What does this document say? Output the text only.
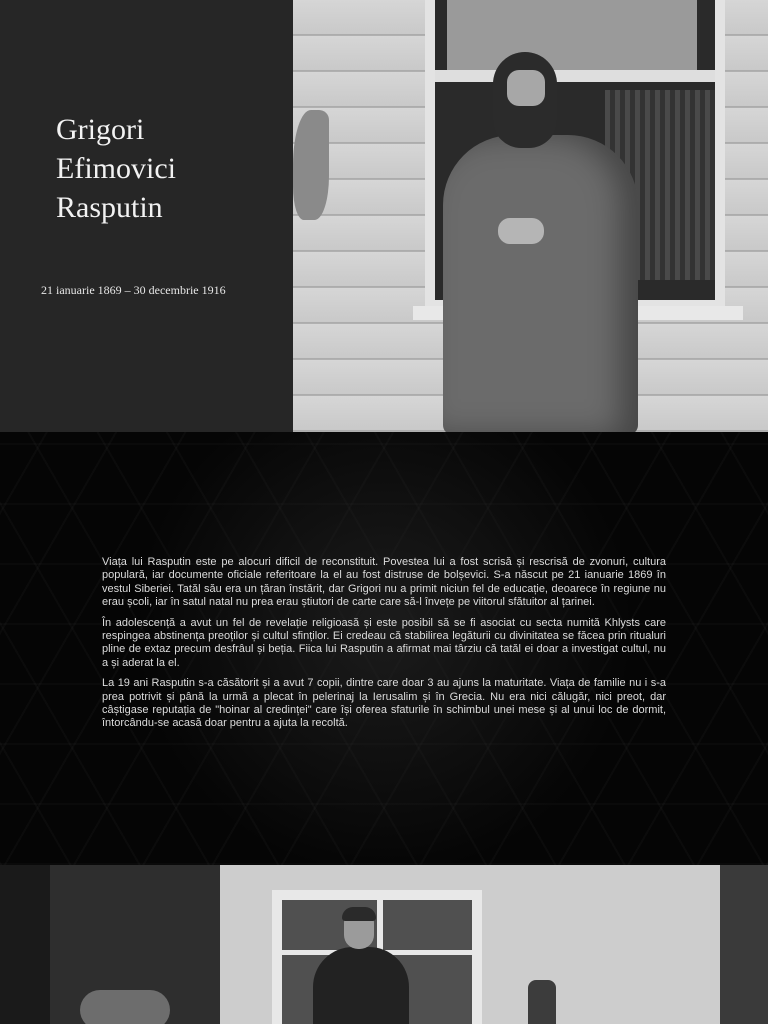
Grigori
Efimovici
Rasputin
21 ianuarie 1869 – 30 decembrie 1916

Viața lui Rasputin este pe alocuri dificil de reconstituit. Povestea lui a fost scrisă și rescrisă de zvonuri, cultura populară, iar documente oficiale referitoare la el au fost distruse de bolșevici. S-a născut pe 21 ianuarie 1869 în vestul Siberiei. Tatăl său era un țăran înstărit, dar Grigori nu a primit niciun fel de educație, deoarece în regiune nu erau școli, iar în satul natal nu prea erau știutori de carte care să-l învețe pe viitorul sfătuitor al țarinei.

În adolescență a avut un fel de revelație religioasă și este posibil să se fi asociat cu secta numită Khlysts care respingea abstinența preoților și cultul sfinților. Ei credeau că stabilirea legăturii cu divinitatea se făcea prin ritualuri pline de extaz precum desfrâul și beția. Fiica lui Rasputin a afirmat mai târziu că tatăl ei doar a investigat cultul, nu a și aderat la el.

La 19 ani Rasputin s-a căsătorit și a avut 7 copii, dintre care doar 3 au ajuns la maturitate. Viața de familie nu i s-a prea potrivit și până la urmă a plecat în pelerinaj la Ierusalim și în Grecia. Nu era nici călugăr, nici preot, dar câștigase reputația de "hoinar al credinței" care își oferea sfaturile în schimbul unei mese și al unui loc de dormit, întorcându-se acasă doar pentru a ajuta la recoltă.
